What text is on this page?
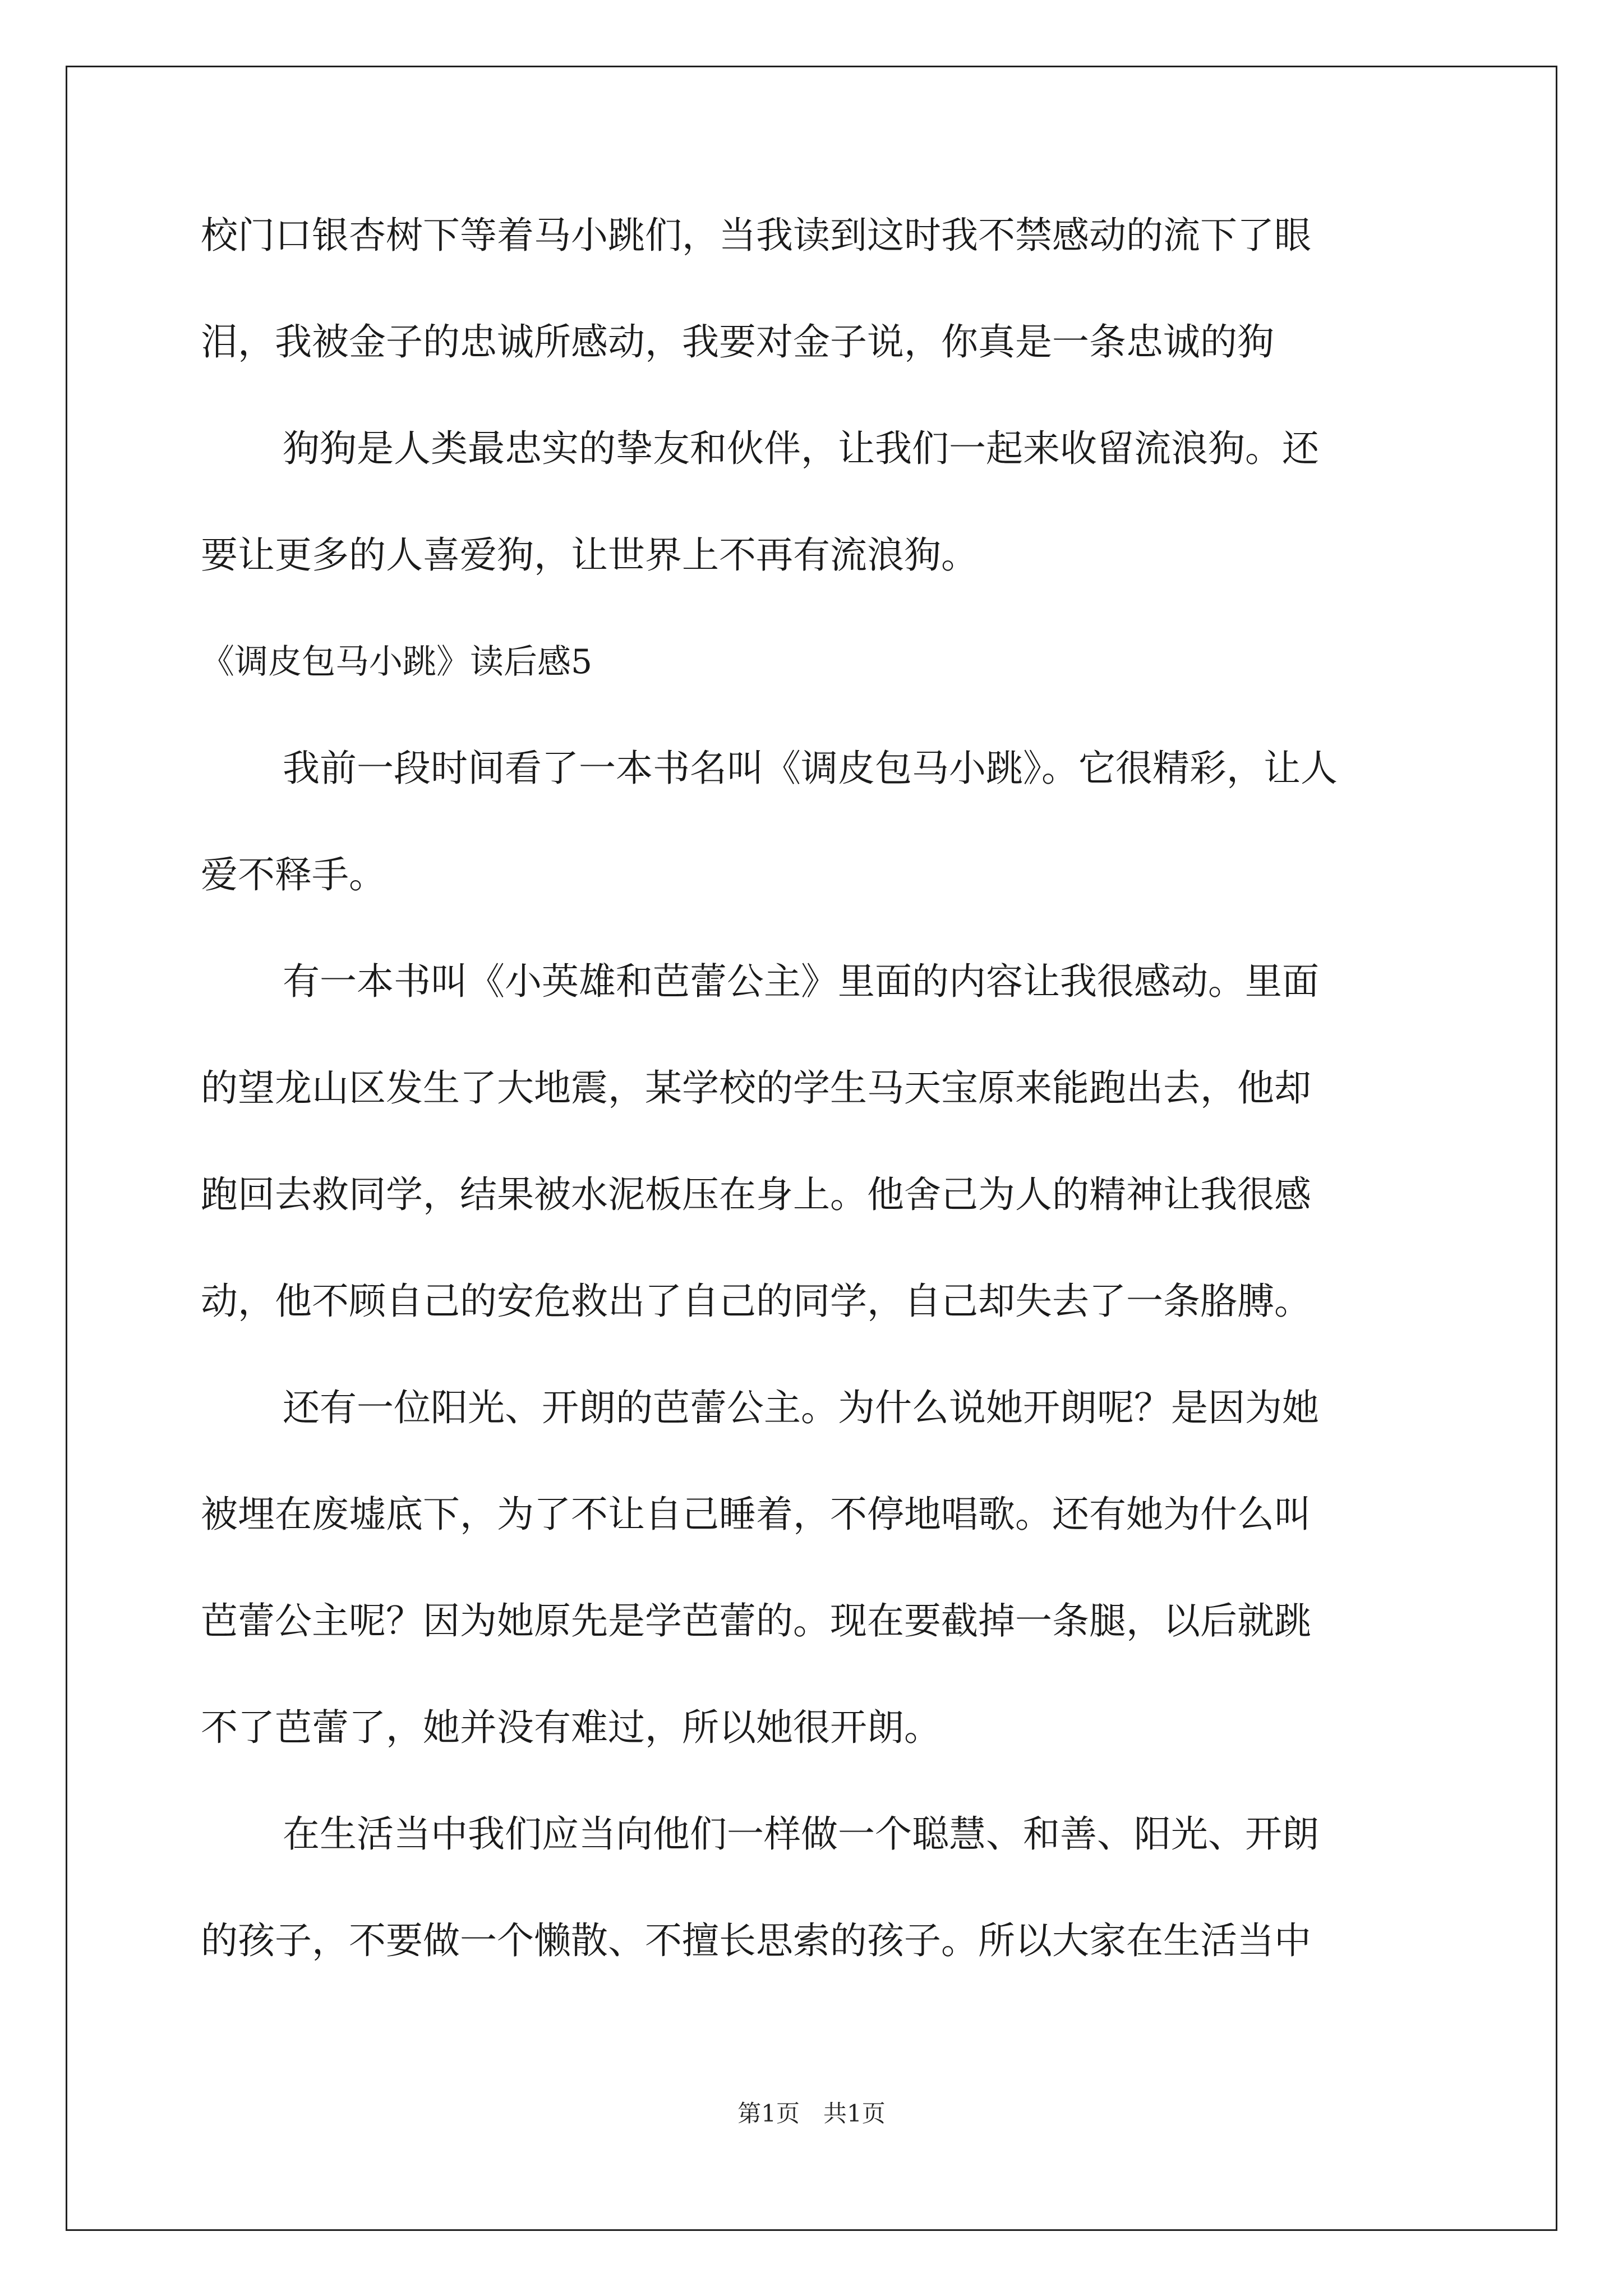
校门口银杏树下等着马小跳们，当我读到这时我不禁感动的流下了眼
泪，我被金子的忠诚所感动，我要对金子说，你真是一条忠诚的狗
狗狗是人类最忠实的挚友和伙伴，让我们一起来收留流浪狗。还
要让更多的人喜爱狗，让世界上不再有流浪狗。
《调皮包马小跳》读后感5
我前一段时间看了一本书名叫《调皮包马小跳》。它很精彩，让人
爱不释手。
有一本书叫《小英雄和芭蕾公主》里面的内容让我很感动。里面
的望龙山区发生了大地震，某学校的学生马天宝原来能跑出去，他却
跑回去救同学，结果被水泥板压在身上。他舍己为人的精神让我很感
动，他不顾自己的安危救出了自己的同学，自己却失去了一条胳膊。
还有一位阳光、开朗的芭蕾公主。为什么说她开朗呢？是因为她
被埋在废墟底下，为了不让自己睡着，不停地唱歌。还有她为什么叫
芭蕾公主呢？因为她原先是学芭蕾的。现在要截掉一条腿，以后就跳
不了芭蕾了，她并没有难过，所以她很开朗。
在生活当中我们应当向他们一样做一个聪慧、和善、阳光、开朗
的孩子，不要做一个懒散、不擅长思索的孩子。所以大家在生活当中
第1页　共1页
